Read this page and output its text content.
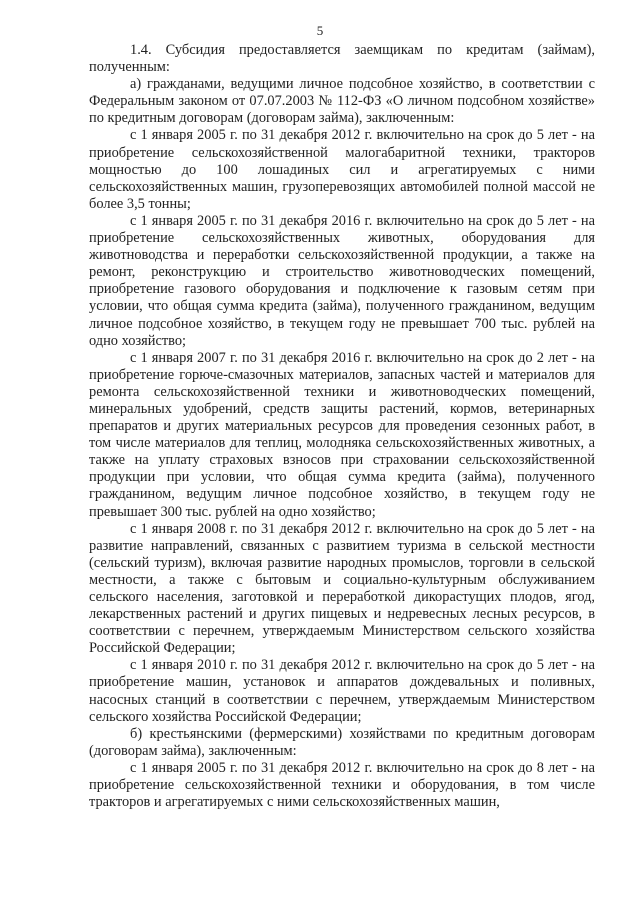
5

1.4. Субсидия предоставляется заемщикам по кредитам (займам), полученным:

а) гражданами, ведущими личное подсобное хозяйство, в соответствии с Федеральным законом от 07.07.2003 № 112-ФЗ «О личном подсобном хозяйстве» по кредитным договорам (договорам займа), заключенным:

с 1 января 2005 г. по 31 декабря 2012 г. включительно на срок до 5 лет - на приобретение сельскохозяйственной малогабаритной техники, тракторов мощностью до 100 лошадиных сил и агрегатируемых с ними сельскохозяйственных машин, грузоперевозящих автомобилей полной массой не более 3,5 тонны;

с 1 января 2005 г. по 31 декабря 2016 г. включительно на срок до 5 лет - на приобретение сельскохозяйственных животных, оборудования для животноводства и переработки сельскохозяйственной продукции, а также на ремонт, реконструкцию и строительство животноводческих помещений, приобретение газового оборудования и подключение к газовым сетям при условии, что общая сумма кредита (займа), полученного гражданином, ведущим личное подсобное хозяйство, в текущем году не превышает 700 тыс. рублей на одно хозяйство;

с 1 января 2007 г. по 31 декабря 2016 г. включительно на срок до 2 лет - на приобретение горюче-смазочных материалов, запасных частей и материалов для ремонта сельскохозяйственной техники и животноводческих помещений, минеральных удобрений, средств защиты растений, кормов, ветеринарных препаратов и других материальных ресурсов для проведения сезонных работ, в том числе материалов для теплиц, молодняка сельскохозяйственных животных, а также на уплату страховых взносов при страховании сельскохозяйственной продукции при условии, что общая сумма кредита (займа), полученного гражданином, ведущим личное подсобное хозяйство, в текущем году не превышает 300 тыс. рублей на одно хозяйство;

с 1 января 2008 г. по 31 декабря 2012 г. включительно на срок до 5 лет - на развитие направлений, связанных с развитием туризма в сельской местности (сельский туризм), включая развитие народных промыслов, торговли в сельской местности, а также с бытовым и социально-культурным обслуживанием сельского населения, заготовкой и переработкой дикорастущих плодов, ягод, лекарственных растений и других пищевых и недревесных лесных ресурсов, в соответствии с перечнем, утверждаемым Министерством сельского хозяйства Российской Федерации;

с 1 января 2010 г. по 31 декабря 2012 г. включительно на срок до 5 лет - на приобретение машин, установок и аппаратов дождевальных и поливных, насосных станций в соответствии с перечнем, утверждаемым Министерством сельского хозяйства Российской Федерации;

б) крестьянскими (фермерскими) хозяйствами по кредитным договорам (договорам займа), заключенным:

с 1 января 2005 г. по 31 декабря 2012 г. включительно на срок до 8 лет - на приобретение сельскохозяйственной техники и оборудования, в том числе тракторов и агрегатируемых с ними сельскохозяйственных машин,
